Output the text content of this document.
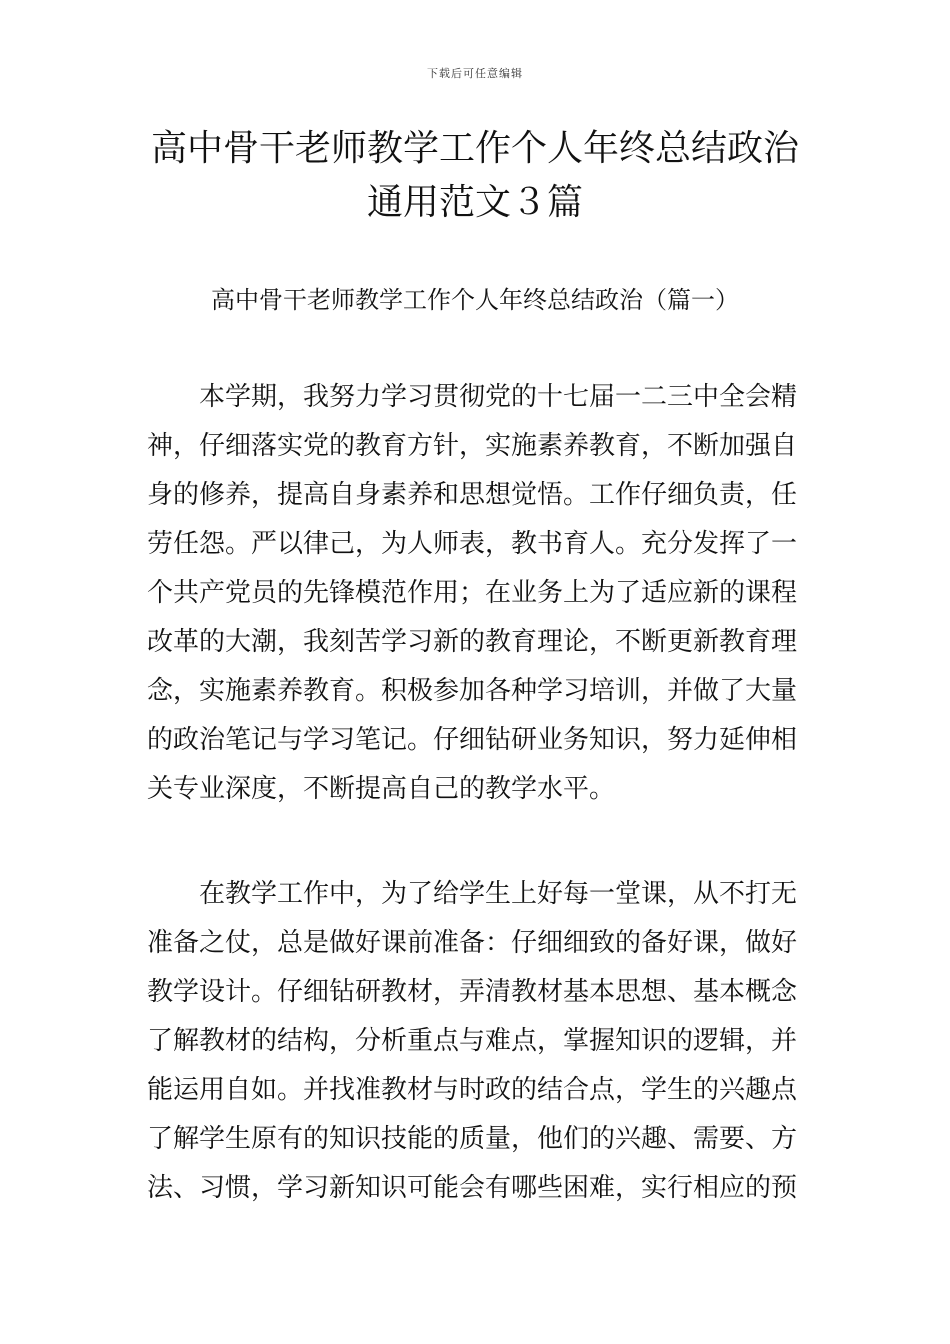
下载后可任意编辑
高中骨干老师教学工作个人年终总结政治
通用范文３篇
高中骨干老师教学工作个人年终总结政治（篇一）
本学期，我努力学习贯彻党的十七届一二三中全会精
神，仔细落实党的教育方针，实施素养教育，不断加强自
身的修养，提高自身素养和思想觉悟。工作仔细负责，任
劳任怨。严以律己，为人师表，教书育人。充分发挥了一
个共产党员的先锋模范作用；在业务上为了适应新的课程
改革的大潮，我刻苦学习新的教育理论，不断更新教育理
念，实施素养教育。积极参加各种学习培训，并做了大量
的政治笔记与学习笔记。仔细钻研业务知识，努力延伸相
关专业深度，不断提高自己的教学水平。
在教学工作中，为了给学生上好每一堂课，从不打无
准备之仗，总是做好课前准备：仔细细致的备好课，做好
教学设计。仔细钻研教材，弄清教材基本思想、基本概念
了解教材的结构，分析重点与难点，掌握知识的逻辑，并
能运用自如。并找准教材与时政的结合点，学生的兴趣点
了解学生原有的知识技能的质量，他们的兴趣、需要、方
法、习惯，学习新知识可能会有哪些困难，实行相应的预
